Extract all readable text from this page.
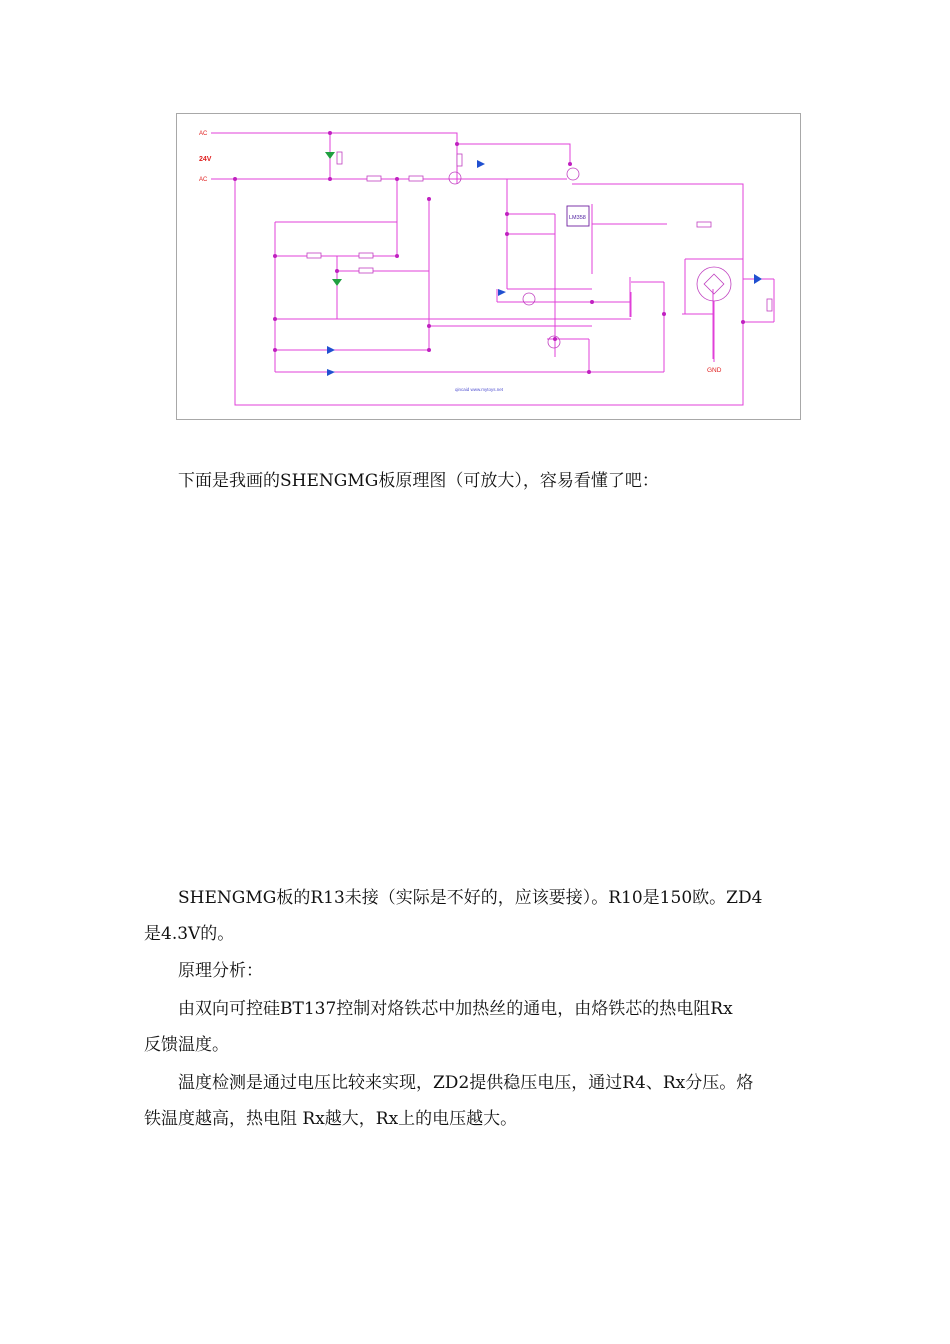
AC
AC
24V
LM358
GND
qincaid www.mytoys.net

下面是我画的SHENGMG板原理图（可放大），容易看懂了吧：

SHENGMG板的R13未接（实际是不好的，应该要接）。R10是150欧。ZD4

是4.3V的。

原理分析：

由双向可控硅BT137控制对烙铁芯中加热丝的通电，由烙铁芯的热电阻Rx

反馈温度。

温度检测是通过电压比较来实现，ZD2提供稳压电压，通过R4、Rx分压。烙

铁温度越高，热电阻 Rx越大，Rx上的电压越大。
